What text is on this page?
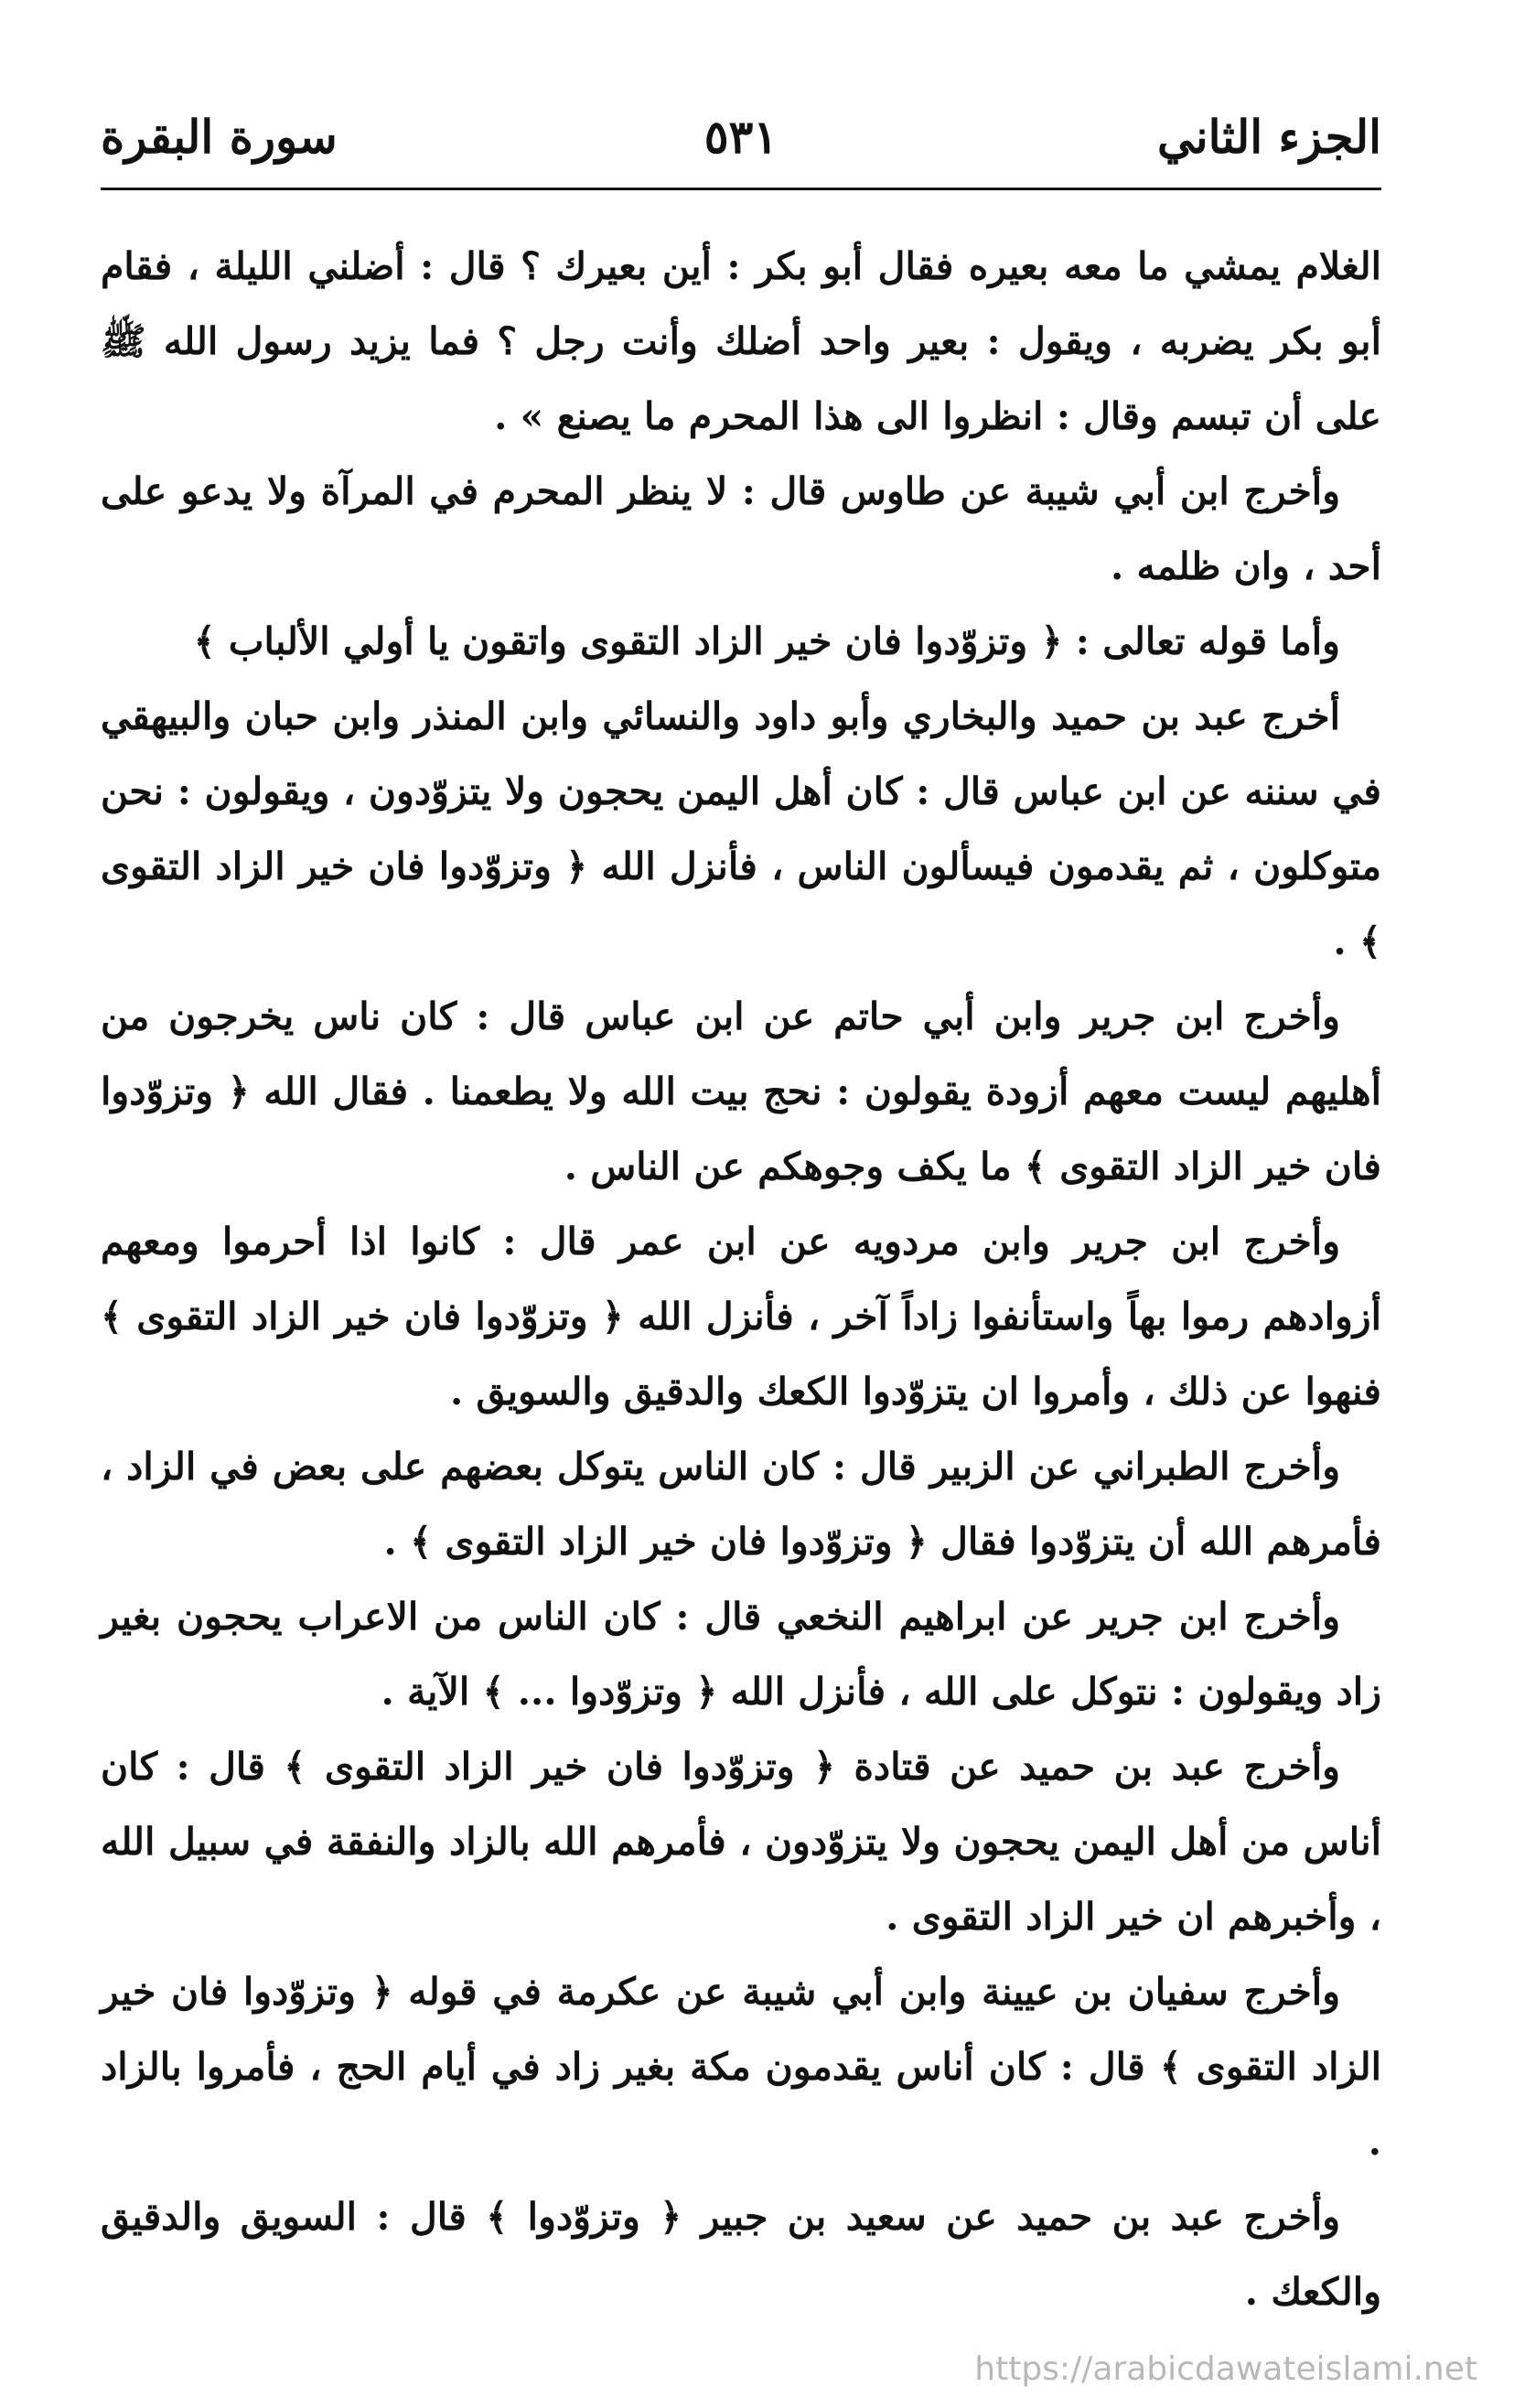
الجزء الثاني
٥٣١
سورة البقرة

الغلام يمشي ما معه بعيره فقال أبو بكر : أين بعيرك ؟ قال : أضلني الليلة ، فقام أبو بكر يضربه ، ويقول : بعير واحد أضلك وأنت رجل ؟ فما يزيد رسول الله ﷺ على أن تبسم وقال : انظروا الى هذا المحرم ما يصنع » .

وأخرج ابن أبي شيبة عن طاوس قال : لا ينظر المحرم في المرآة ولا يدعو على أحد ، وان ظلمه .

وأما قوله تعالى : ﴿ وتزوّدوا فان خير الزاد التقوى واتقون يا أولي الألباب ﴾

أخرج عبد بن حميد والبخاري وأبو داود والنسائي وابن المنذر وابن حبان والبيهقي في سننه عن ابن عباس قال : كان أهل اليمن يحجون ولا يتزوّدون ، ويقولون : نحن متوكلون ، ثم يقدمون فيسألون الناس ، فأنزل الله ﴿ وتزوّدوا فان خير الزاد التقوى ﴾ .

وأخرج ابن جرير وابن أبي حاتم عن ابن عباس قال : كان ناس يخرجون من أهليهم ليست معهم أزودة يقولون : نحج بيت الله ولا يطعمنا . فقال الله ﴿ وتزوّدوا فان خير الزاد التقوى ﴾ ما يكف وجوهكم عن الناس .

وأخرج ابن جرير وابن مردويه عن ابن عمر قال : كانوا اذا أحرموا ومعهم أزوادهم رموا بهاً واستأنفوا زاداً آخر ، فأنزل الله ﴿ وتزوّدوا فان خير الزاد التقوى ﴾ فنهوا عن ذلك ، وأمروا ان يتزوّدوا الكعك والدقيق والسويق .

وأخرج الطبراني عن الزبير قال : كان الناس يتوكل بعضهم على بعض في الزاد ، فأمرهم الله أن يتزوّدوا فقال ﴿ وتزوّدوا فان خير الزاد التقوى ﴾ .

وأخرج ابن جرير عن ابراهيم النخعي قال : كان الناس من الاعراب يحجون بغير زاد ويقولون : نتوكل على الله ، فأنزل الله ﴿ وتزوّدوا ... ﴾ الآية .

وأخرج عبد بن حميد عن قتادة ﴿ وتزوّدوا فان خير الزاد التقوى ﴾ قال : كان أناس من أهل اليمن يحجون ولا يتزوّدون ، فأمرهم الله بالزاد والنفقة في سبيل الله ، وأخبرهم ان خير الزاد التقوى .

وأخرج سفيان بن عيينة وابن أبي شيبة عن عكرمة في قوله ﴿ وتزوّدوا فان خير الزاد التقوى ﴾ قال : كان أناس يقدمون مكة بغير زاد في أيام الحج ، فأمروا بالزاد .

وأخرج عبد بن حميد عن سعيد بن جبير ﴿ وتزوّدوا ﴾ قال : السويق والدقيق والكعك .

https://arabicdawateislami.net
